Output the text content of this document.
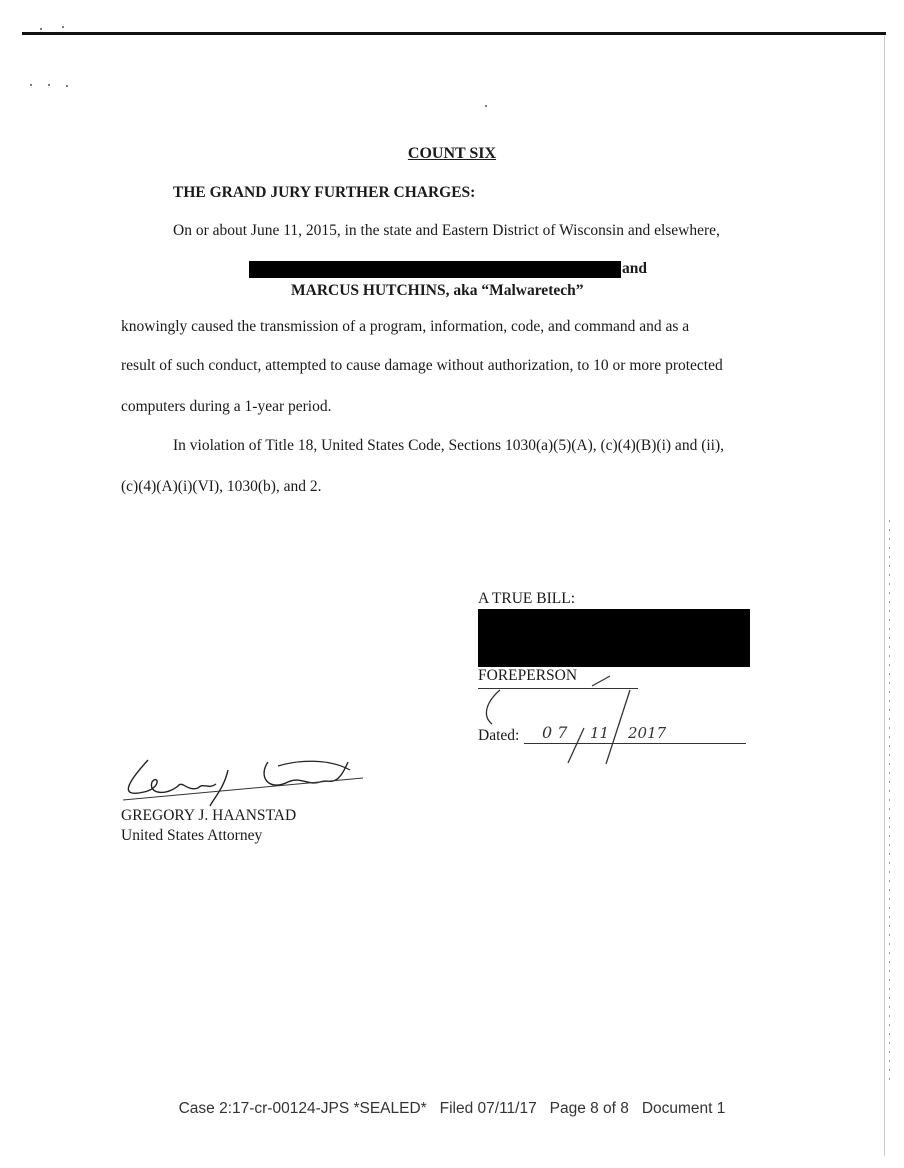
COUNT SIX
THE GRAND JURY FURTHER CHARGES:
On or about June 11, 2015, in the state and Eastern District of Wisconsin and elsewhere,
and
MARCUS HUTCHINS, aka “Malwaretech”
knowingly caused the transmission of a program, information, code, and command and as a
result of such conduct, attempted to cause damage without authorization, to 10 or more protected
computers during a 1-year period.
In violation of Title 18, United States Code, Sections 1030(a)(5)(A), (c)(4)(B)(i) and (ii),
(c)(4)(A)(i)(VI), 1030(b), and 2.
A TRUE BILL:
FOREPERSON
Dated: 0 7 11 2017
GREGORY J. HAANSTAD
United States Attorney
Case 2:17-cr-00124-JPS *SEALED*   Filed 07/11/17   Page 8 of 8   Document 1
